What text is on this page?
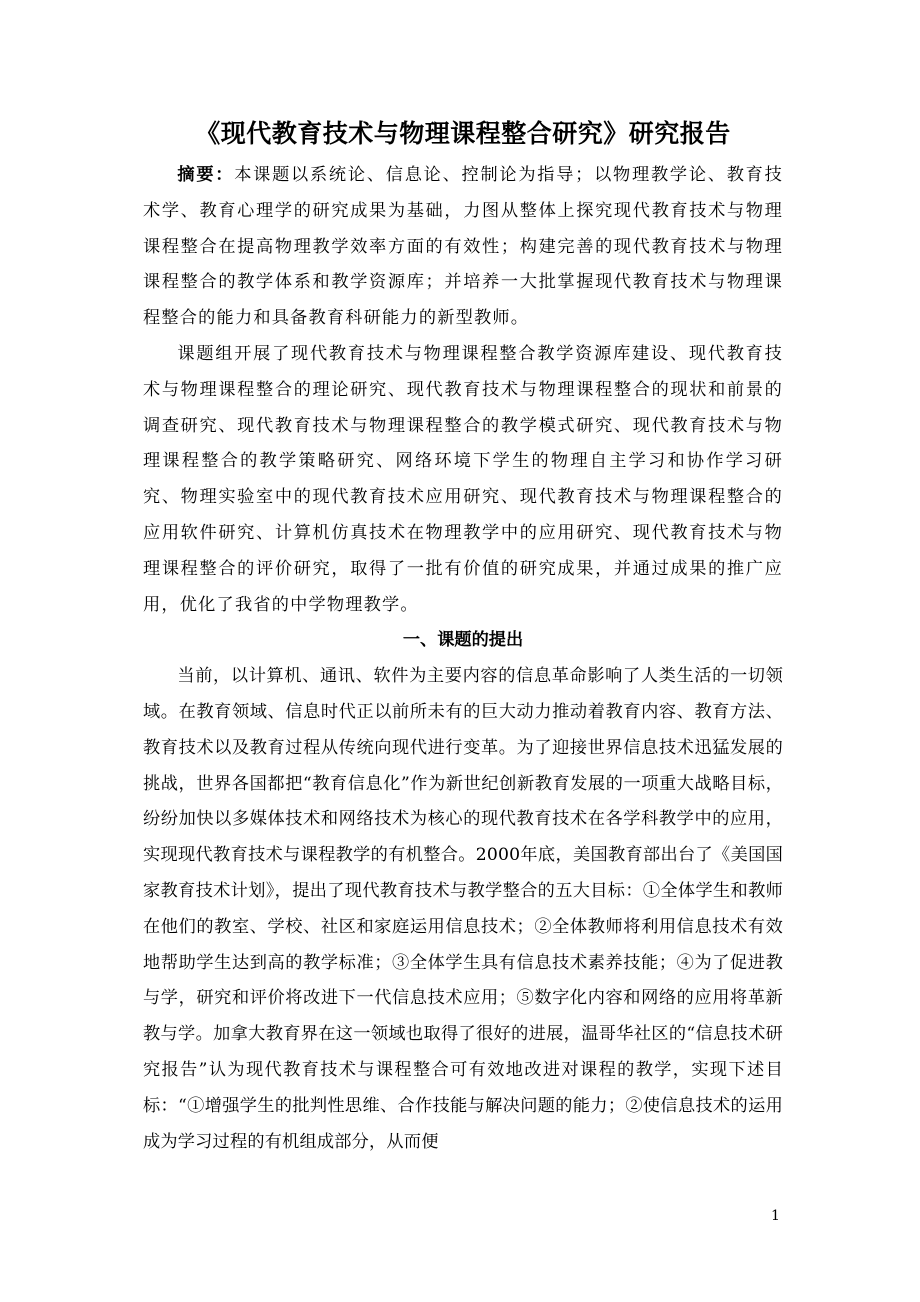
《现代教育技术与物理课程整合研究》研究报告

摘要：本课题以系统论、信息论、控制论为指导；以物理教学论、教育技术学、教育心理学的研究成果为基础，力图从整体上探究现代教育技术与物理课程整合在提高物理教学效率方面的有效性；构建完善的现代教育技术与物理课程整合的教学体系和教学资源库；并培养一大批掌握现代教育技术与物理课程整合的能力和具备教育科研能力的新型教师。

课题组开展了现代教育技术与物理课程整合教学资源库建设、现代教育技术与物理课程整合的理论研究、现代教育技术与物理课程整合的现状和前景的调查研究、现代教育技术与物理课程整合的教学模式研究、现代教育技术与物理课程整合的教学策略研究、网络环境下学生的物理自主学习和协作学习研究、物理实验室中的现代教育技术应用研究、现代教育技术与物理课程整合的应用软件研究、计算机仿真技术在物理教学中的应用研究、现代教育技术与物理课程整合的评价研究，取得了一批有价值的研究成果，并通过成果的推广应用，优化了我省的中学物理教学。

一、课题的提出

当前，以计算机、通讯、软件为主要内容的信息革命影响了人类生活的一切领域。在教育领域、信息时代正以前所未有的巨大动力推动着教育内容、教育方法、教育技术以及教育过程从传统向现代进行变革。为了迎接世界信息技术迅猛发展的挑战，世界各国都把“教育信息化”作为新世纪创新教育发展的一项重大战略目标，纷纷加快以多媒体技术和网络技术为核心的现代教育技术在各学科教学中的应用，实现现代教育技术与课程教学的有机整合。2000年底，美国教育部出台了《美国国家教育技术计划》，提出了现代教育技术与教学整合的五大目标：①全体学生和教师在他们的教室、学校、社区和家庭运用信息技术；②全体教师将利用信息技术有效地帮助学生达到高的教学标准；③全体学生具有信息技术素养技能；④为了促进教与学，研究和评价将改进下一代信息技术应用；⑤数字化内容和网络的应用将革新教与学。加拿大教育界在这一领域也取得了很好的进展，温哥华社区的“信息技术研究报告”认为现代教育技术与课程整合可有效地改进对课程的教学，实现下述目标：“①增强学生的批判性思维、合作技能与解决问题的能力；②使信息技术的运用成为学习过程的有机组成部分，从而便

1
